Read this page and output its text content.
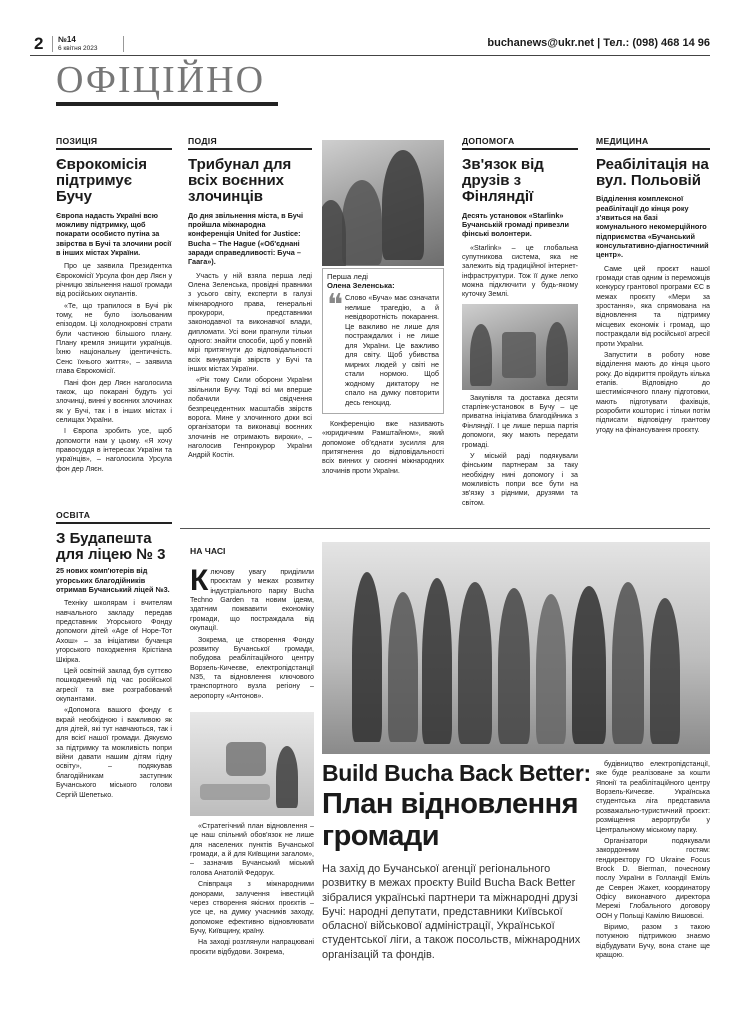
2 №14
6 квітня 2023	buchanews@ukr.net | Тел.: (098) 468 14 96
ОФІЦІЙНО
ПОЗИЦІЯ
Єврокомісія підтримує Бучу
Європа надасть Україні всю можливу підтримку, щоб покарати особисто путіна за звірства в Бучі та злочини росії в інших містах України.

Про це заявила Президентка Єврокомісії Урсула фон дер Ляєн у річницю звільнення нашої громади від російських окупантів.

«Те, що трапилося в Бучі рік тому, не було ізольованим епізодом. Ці холоднокровні страти були частиною більшого плану. Плану кремля знищити українців. Їхню національну ідентичність. Сенс їхнього життя», – заявила глава Єврокомісії.

Пані фон дер Ляєн наголосила також, що покарані будуть усі злочинці, винні у воєнних злочинах як у Бучі, так і в інших містах і селищах України.

І Європа зробить усе, щоб допомогти нам у цьому. «Я хочу правосуддя в інтересах України та українців», – наголосила Урсула фон дер Ляєн.

ПОДІЯ
Трибунал для всіх воєнних злочинців
До дня звільнення міста, в Бучі пройшла міжнародна конференція United for Justice: Bucha – The Hague («Об'єднані заради справедливості: Буча – Гаага»).

Участь у ній взяла перша леді Олена Зеленська, провідні правники з усього світу, експерти в галузі міжнародного права, генеральні прокурори, представники законодавчої та виконавчої влади, дипломати. Усі вони прагнули тільки одного: знайти способи, щоб у повній мірі притягнути до відповідальності всіх винуватців звірств у Бучі та інших містах України.

«Рік тому Сили оборони України звільнили Бучу. Тоді всі ми вперше побачили свідчення безпрецедентних масштабів звірств ворога. Мине у злочинного доки всі організатори та виконавці воєнних злочинів не отримають вироки», – наголосив Генпрокурор України Андрій Костін.

Перша леді
Олена Зеленська:
❝ Слово «Буча» має означати нелише трагедію, а й невідворотність покарання. Це важливо не лише для постраждалих і не лише для України. Це важливо для світу. Щоб убивства мирних людей у світі не стали нормою. Щоб жодному диктатору не спало на думку повторити десь геноцид.

Конференцію вже називають «юридичним Рамштайном», який допоможе об'єднати зусилля для притягнення до відповідальності всіх винних у скоєнні міжнародних злочинів проти України.

ДОПОМОГА
Зв'язок від друзів з Фінляндії
Десять установок «Starlink» Бучанській громаді привезли фінські волонтери.

«Starlink» – це глобальна супутникова система, яка не залежить від традиційної інтернет-інфраструктури. Тож її дуже легко можна підключити у будь-якому куточку Землі.

Закупівля та доставка десяти старлінк-установок в Бучу – це приватна ініціатива благодійника з Фінляндії. І це лише перша партія допомоги, яку мають передати громаді.

У міській раді подякували фінським партнерам за таку необхідну нині допомогу і за можливість попри все бути на зв'язку з рідними, друзями та світом.

МЕДИЦИНА
Реабілітація на вул. Польовій
Відділення комплексної реабілітації до кінця року з'явиться на базі комунального некомерційного підприємства «Бучанський консультативно-діагностичний центр».

Саме цей проєкт нашої громади став одним із переможців конкурсу грантової програми ЄС в межах проєкту «Мери за зростання», яка спрямована на відновлення та підтримку місцевих економік і громад, що постраждали від російської агресії проти України.

Запустити в роботу нове відділення мають до кінця цього року. До відкриття пройдуть кілька етапів. Відповідно до шестимісячного плану підготовки, мають підготувати фахівців, розробити кошторис і тільки потім підписати відповідну грантову угоду на фінансування проєкту.

ОСВІТА
З Будапешта для ліцею № 3
25 нових комп'ютерів від угорських благодійників отримав Бучанський ліцей №3.

Техніку школярам і вчителям навчального закладу передав представник Угорського Фонду допомоги дітей «Age of Hope-Тот Ахош» – за ініціативи бучанця угорського походження Крістіана Шкірка.

Цей освітній заклад був суттєво пошкоджений під час російської агресії та вже розграбований окупантами.

«Допомога вашого фонду є вкрай необхідною і важливою як для дітей, які тут навчаються, так і для всієї нашої громади. Дякуємо за підтримку та можливість попри війни давати нашим дітям гідну освіту», – подякував благодійникам заступник Бучанського міського голови Сергій Шепетько.

НА ЧАСІ

К лючову увагу приділили проєктам у межах розвитку індустріального парку Bucha Techno Garden та новим ідеям, здатним пожвавити економіку громади, що постраждала від окупації.

Зокрема, це створення Фонду розвитку Бучанської громади, побудова реабілітаційного центру Ворзель-Кичеєве, електропідстанції N35, та відновлення ключового транспортного вузла регіону – аеропорту «Антонов».

«Стратегічний план відновлення – це наш спільний обов'язок не лише для населених пунктів Бучанської громади, а й для Київщини загалом», – зазначив Бучанський міський голова Анатолій Федорук.

Співпраця з міжнародними донорами, залучення інвестицій через створення якісних проєктів – усе це, на думку учасників заходу, допоможе ефективно відновлювати Бучу, Київщину, країну.

На заході розглянули напрацювані проєкти відбудови. Зокрема,

Build Bucha Back Better:
План відновлення
громади
На захід до Бучанської агенції регіонального розвитку в межах проєкту Build Bucha Back Better зібралися українські партнери та міжнародні друзі Бучі: народні депутати, представники Київської обласної військової адміністрації, Української студентської ліги, а також посольств, міжнародних організацій та фондів.

будівництво електропідстанції, яке буде реалізоване за кошти Японії та реабілітаційного центру Ворзель-Кичеєве. Українська студентська ліга представила розважально-туристичний проєкт: розміщення аерортруби у Центральному міському парку.

Організатори подякували закордонним гостям: гендиректору ГО Ukraine Focus Brock D. Bierman, почесному послу України в Голландії Еміль де Севрен Жакет, координатору Офісу виконавчого директора Мережі Глобального договору ООН у Польщі Камілю Вишовскі.

Віримо, разом з такою потужною підтримкою знаємо відбудувати Бучу, вона стане ще кращою.
